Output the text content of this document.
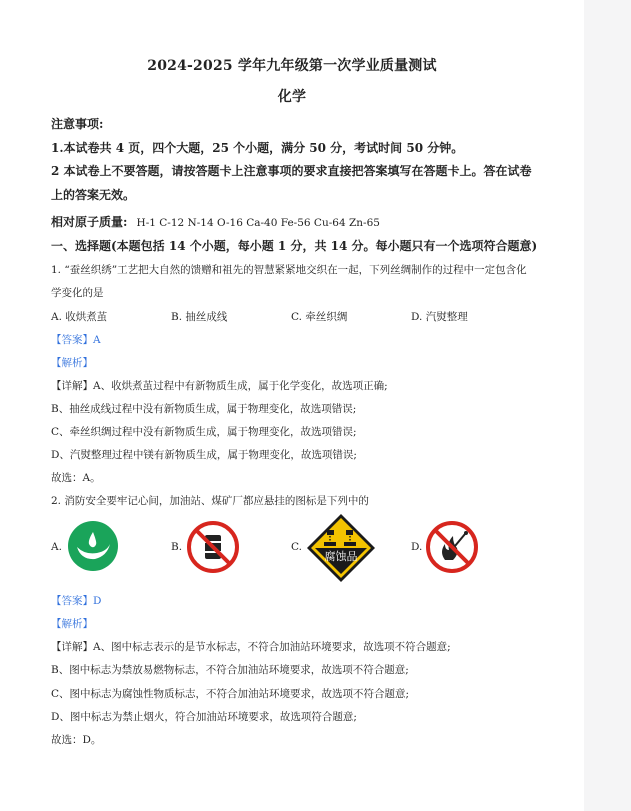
2024-2025 学年九年级第一次学业质量测试
化学
注意事项:
1.本试卷共 4 页，四个大题，25 个小题，满分 50 分，考试时间 50 分钟。
2 本试卷上不要答题，请按答题卡上注意事项的要求直接把答案填写在答题卡上。答在试卷
上的答案无效。
相对原子质量: H-1 C-12 N-14 O-16 Ca-40 Fe-56 Cu-64 Zn-65
一、选择题(本题包括 14 个小题，每小题 1 分，共 14 分。每小题只有一个选项符合题意)
1. “蚕丝织绣”工艺把大自然的馈赠和祖先的智慧紧紧地交织在一起，下列丝绸制作的过程中一定包含化
学变化的是
A. 收烘煮茧	B. 抽丝成线	C. 牵丝织绸	D. 汽熨整理
【答案】A
【解析】
【详解】A、收烘煮茧过程中有新物质生成，属于化学变化，故选项正确;
B、抽丝成线过程中没有新物质生成，属于物理变化，故选项错误;
C、牵丝织绸过程中没有新物质生成，属于物理变化，故选项错误;
D、汽熨整理过程中镁有新物质生成，属于物理变化，故选项错误;
故选：A。
2. 消防安全要牢记心间，加油站、煤矿厂都应悬挂的图标是下列中的
A.	B.	C.
腐蚀品
D.
【答案】D
【解析】
【详解】A、图中标志表示的是节水标志，不符合加油站环境要求，故选项不符合题意;
B、图中标志为禁放易燃物标志，不符合加油站环境要求，故选项不符合题意;
C、图中标志为腐蚀性物质标志，不符合加油站环境要求，故选项不符合题意;
D、图中标志为禁止烟火，符合加油站环境要求，故选项符合题意;
故选：D。
